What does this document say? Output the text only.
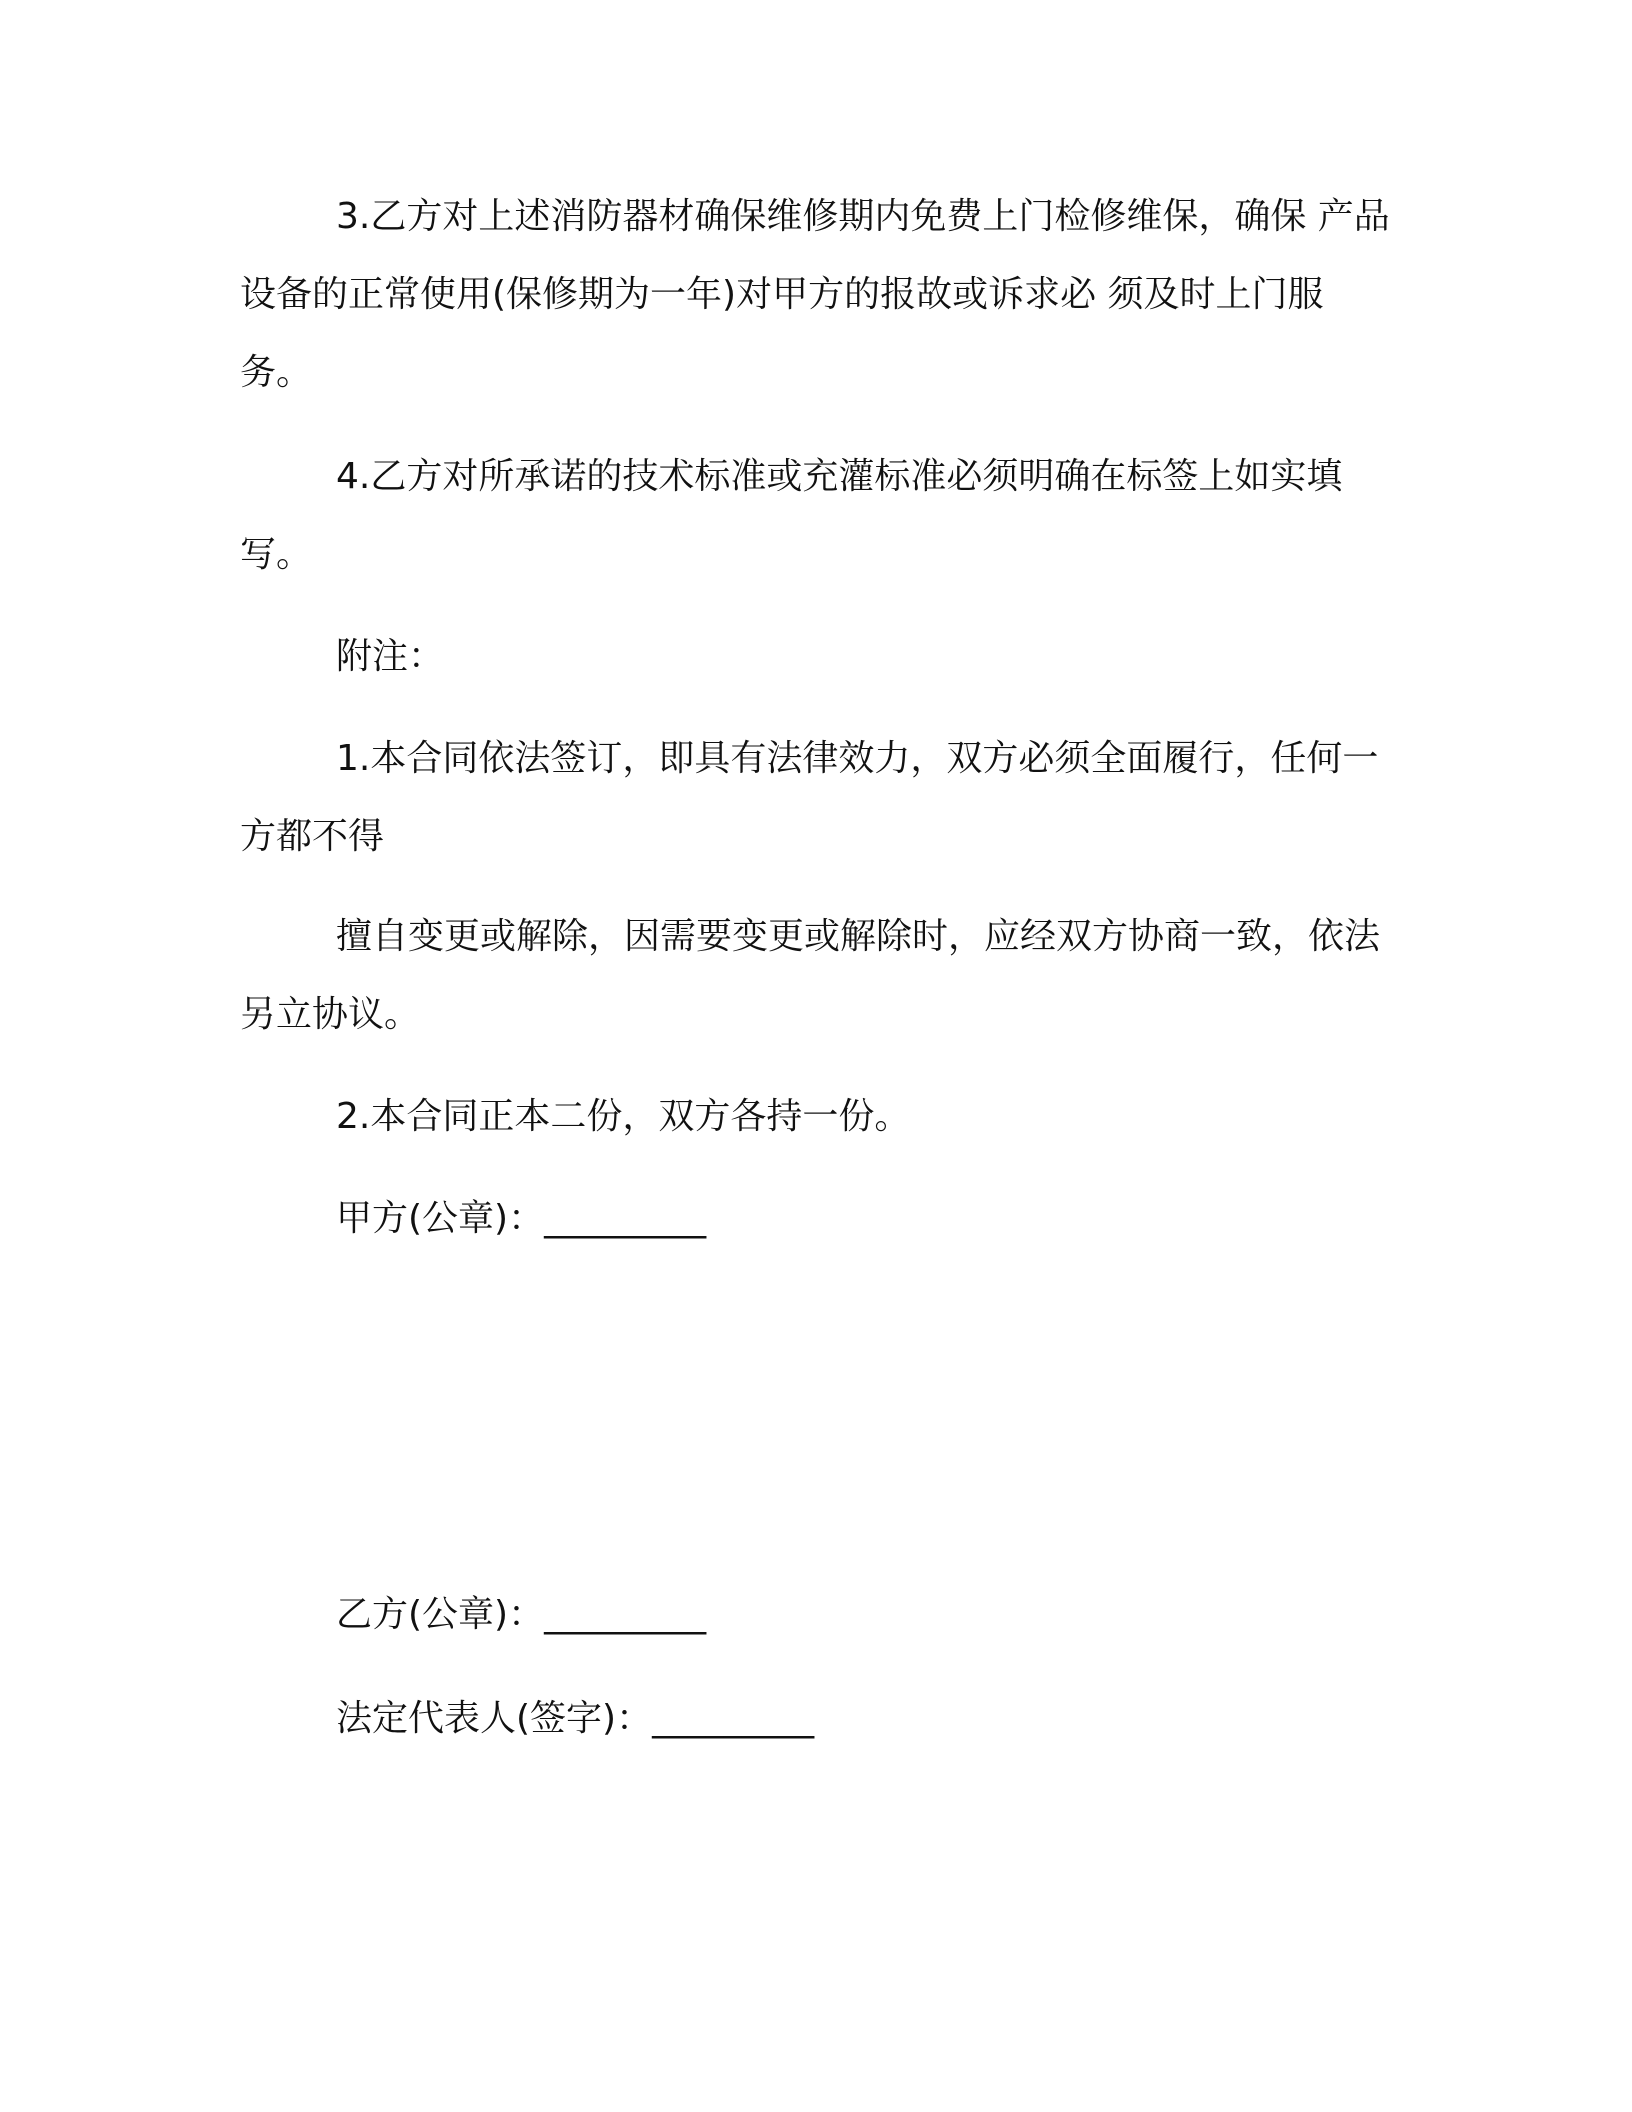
3.乙方对上述消防器材确保维修期内免费上门检修维保，确保 产品设备的正常使用(保修期为一年)对甲方的报故或诉求必 须及时上门服务。

4.乙方对所承诺的技术标准或充灌标准必须明确在标签上如实填写。

附注：

1.本合同依法签订，即具有法律效力，双方必须全面履行，任何一方都不得

擅自变更或解除，因需要变更或解除时，应经双方协商一致，依法另立协议。

2.本合同正本二份，双方各持一份。

甲方(公章)：_________

乙方(公章)：_________

法定代表人(签字)：_________
